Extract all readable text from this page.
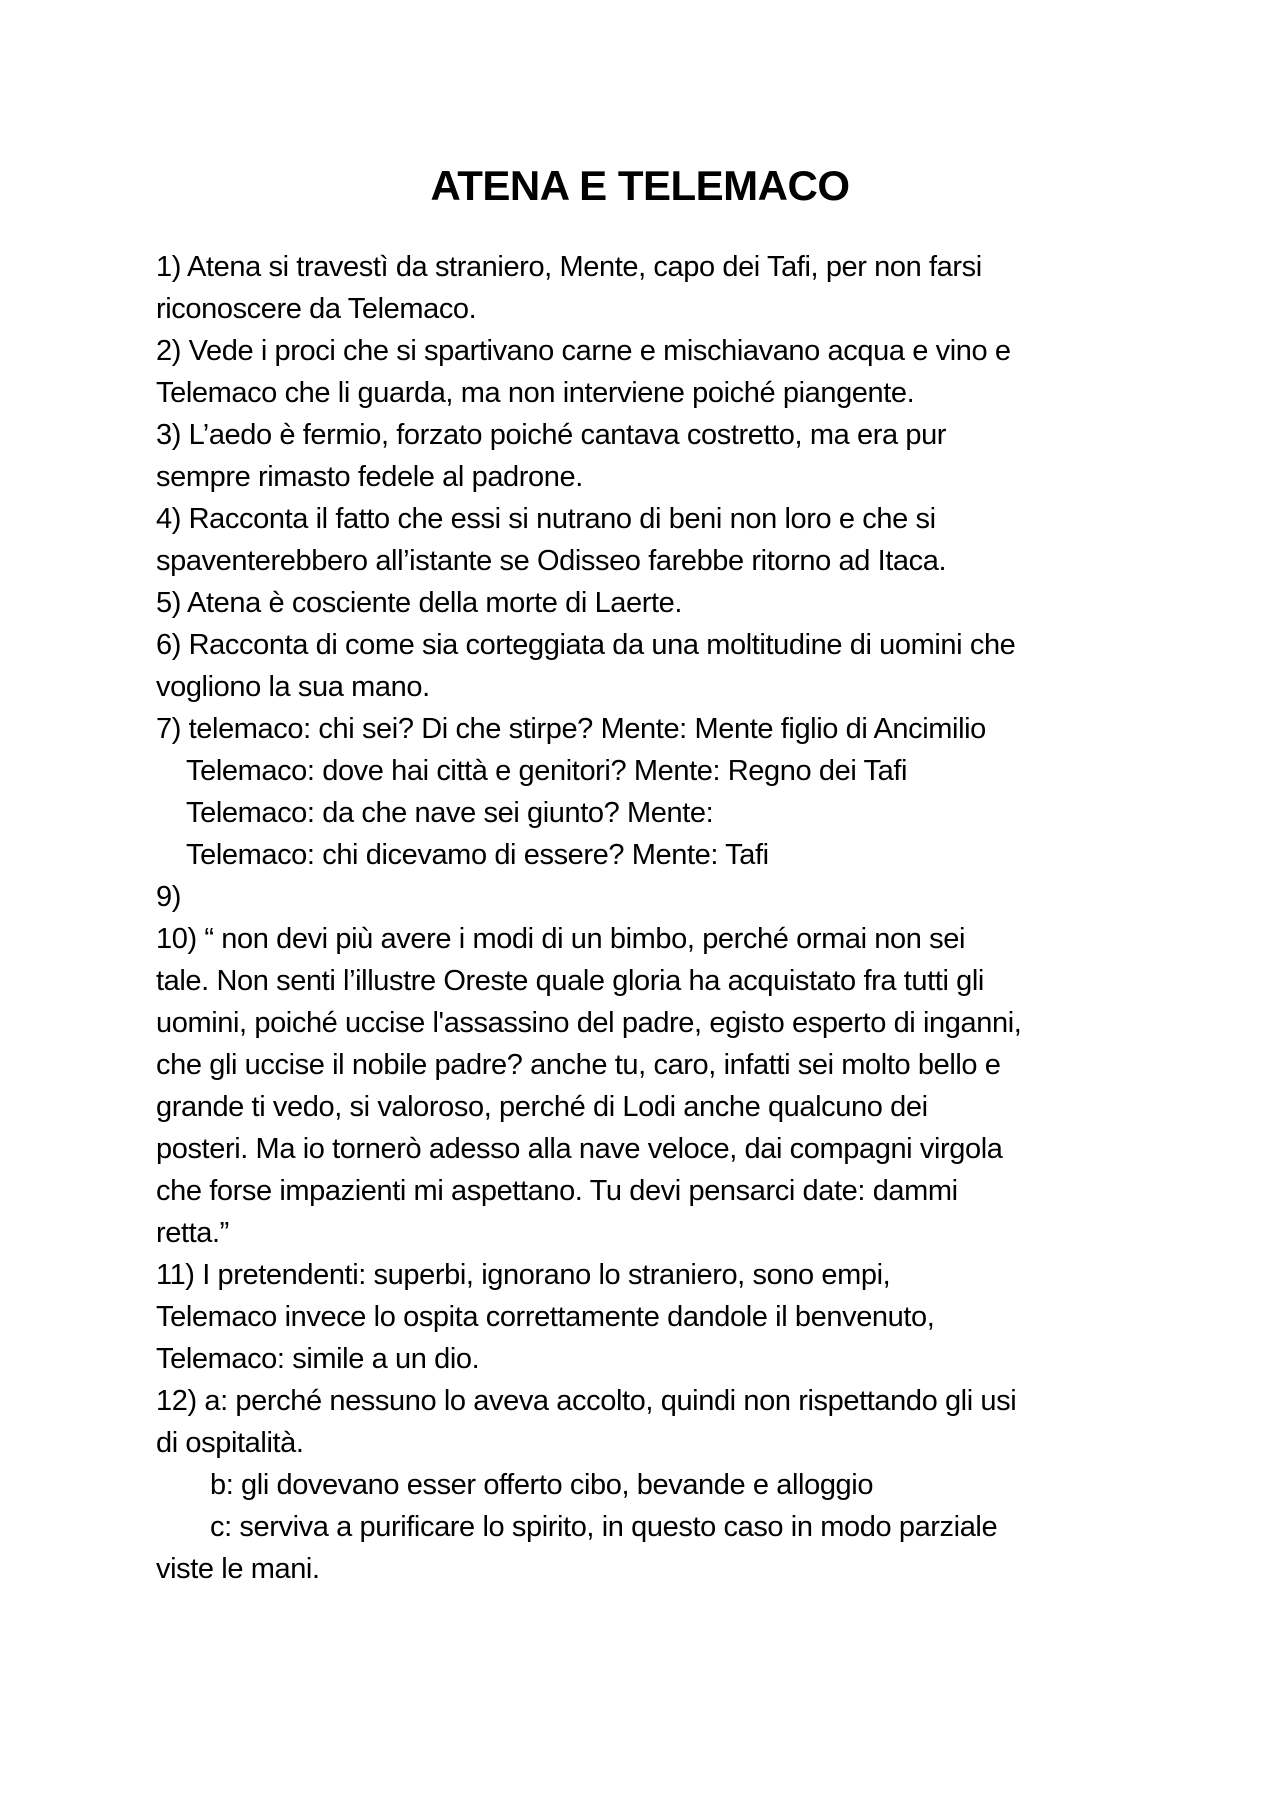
ATENA E TELEMACO
1) Atena si travestì da straniero, Mente, capo dei Tafi, per non farsi
riconoscere da Telemaco.
2) Vede i proci che si spartivano carne e mischiavano acqua e vino e
Telemaco che li guarda, ma non interviene poiché piangente.
3) L’aedo è fermio, forzato poiché cantava costretto, ma era pur
sempre rimasto fedele al padrone.
4) Racconta il fatto che essi si nutrano di beni non loro e che si
spaventerebbero all’istante se Odisseo farebbe ritorno ad Itaca.
5) Atena è cosciente della morte di Laerte.
6) Racconta di come sia corteggiata da una moltitudine di uomini che
vogliono la sua mano.
7) telemaco: chi sei? Di che stirpe? Mente: Mente figlio di Ancimilio
Telemaco: dove hai città e genitori? Mente: Regno dei Tafi
Telemaco: da che nave sei giunto? Mente:
Telemaco: chi dicevamo di essere? Mente: Tafi
9)
10) “ non devi più avere i modi di un bimbo, perché ormai non sei
tale. Non senti l’illustre Oreste quale gloria ha acquistato fra tutti gli
uomini, poiché uccise l'assassino del padre, egisto esperto di inganni,
che gli uccise il nobile padre? anche tu, caro, infatti sei molto bello e
grande ti vedo, si valoroso, perché di Lodi anche qualcuno dei
posteri. Ma io tornerò adesso alla nave veloce, dai compagni virgola
che forse impazienti mi aspettano. Tu devi pensarci date: dammi
retta.”
11) I pretendenti: superbi, ignorano lo straniero, sono empi,
Telemaco invece lo ospita correttamente dandole il benvenuto,
Telemaco: simile a un dio.
12) a: perché nessuno lo aveva accolto, quindi non rispettando gli usi
di ospitalità.
b: gli dovevano esser offerto cibo, bevande e alloggio
c: serviva a purificare lo spirito, in questo caso in modo parziale
viste le mani.
